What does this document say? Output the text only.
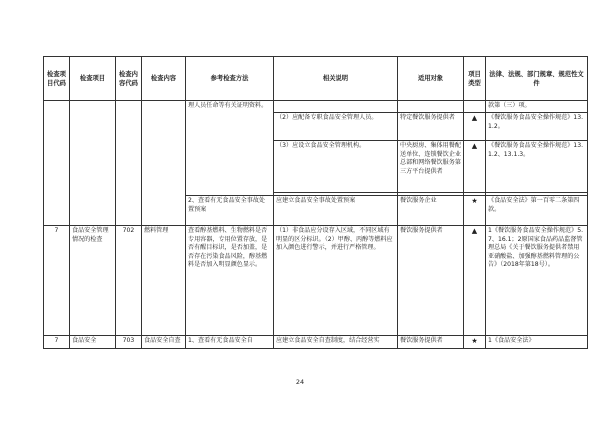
检查项目代码	检查项目	检查内容代码	检查内容	参考检查方法	相关说明	适用对象	项目类型	法律、法规、部门规章、规范性文件
				理人员任命等有关证明资料。				款第（三）项。
					（2）应配备专职食品安全管理人员。	特定餐饮服务提供者	▲	《餐饮服务食品安全操作规范》13.1.2。
					（3）应设立食品安全管理机构。	中央厨房、集体用餐配送单位、连锁餐饮企业总部和网络餐饮服务第三方平台提供者	▲	《餐饮服务食品安全操作规范》13.1.2、13.1.3。

				2、查看有无食品安全事故处置预案	应建立食品安全事故处置预案	餐饮服务企业	★	《食品安全法》第一百零二条第四款。
7	食品安全管理情况的检查	702	燃料管理	查看醇基燃料、生物燃料是否专用容器，专用位置存放，是否有醒目标识，是否加盖，是否存在污染食品风险，醇基燃料是否加入明显颜色显示。	（1）非食品应分设存入区域，不同区域有明显的区分标识。（2）甲醇、丙醇等燃料应加入颜色进行警示，并进行严格管理。	餐饮服务提供者	▲	1《餐饮服务食品安全操作规范》5.7、16.1；2原国家食品药品监督管理总局《关于餐饮服务提供者禁用亚硝酸盐、加强醇基燃料管理的公告》（2018年第18号）。
7	食品安全	703	食品安全自查	1、查看有无食品安全自	应建立食品安全自查制度，结合经营实	餐饮服务提供者	★	1《食品安全法》
24
